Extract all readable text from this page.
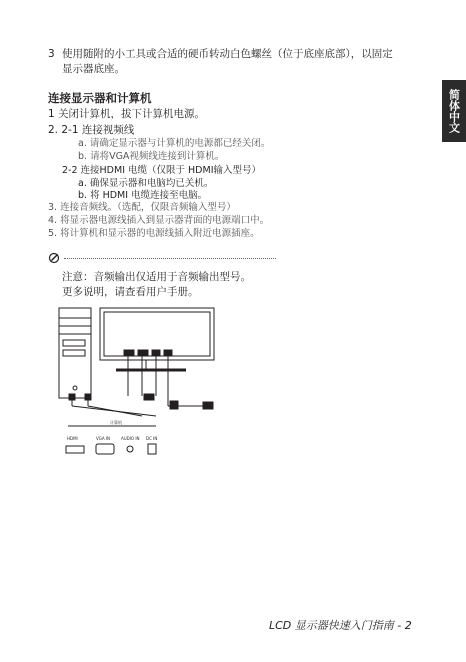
简体中文
3 使用随附的小工具或合适的硬币转动白色螺丝（位于底座底部），以固定
显示器底座。
连接显示器和计算机
1 关闭计算机，拔下计算机电源。
2. 2-1 连接视频线
a. 请确定显示器与计算机的电源都已经关闭。
b. 请将VGA视频线连接到计算机。
2-2 连接HDMI 电缆（仅限于 HDMI输入型号）
a. 确保显示器和电脑均已关机。
b. 将 HDMI 电缆连接至电脑。
3. 连接音频线。（选配，仅限音频输入型号）
4. 将显示器电源线插入到显示器背面的电源端口中。
5. 将计算机和显示器的电源线插入附近电源插座。
注意：音频输出仅适用于音频输出型号。
更多说明，请查看用户手册。
计算机
HDMI	VGA IN	AUDIO IN DC IN
LCD 显示器快速入门指南 - 2
